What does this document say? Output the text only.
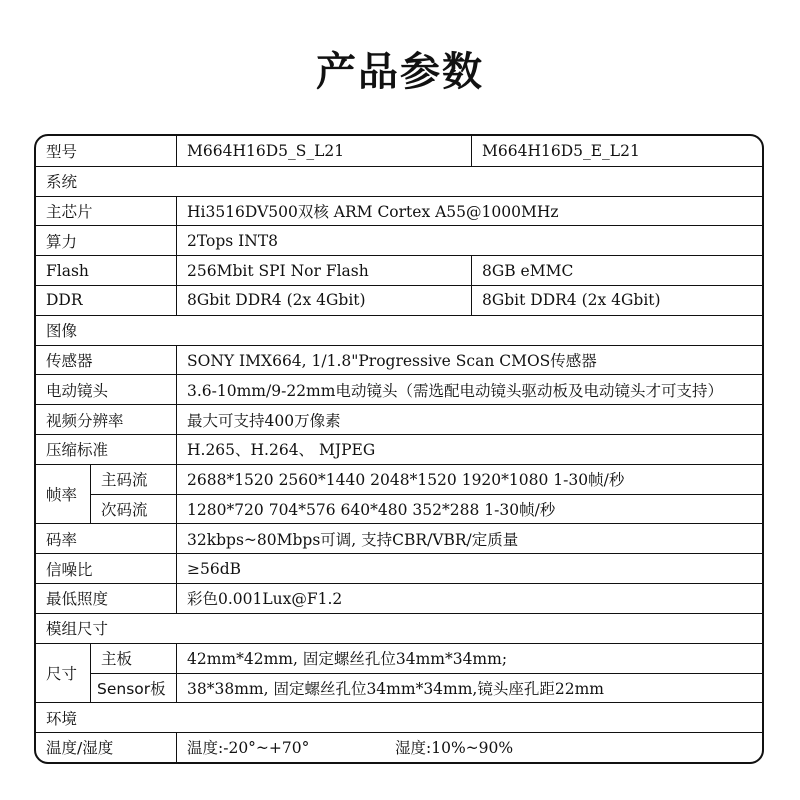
产品参数
型号	M664H16D5_S_L21	M664H16D5_E_L21
系统
主芯片	Hi3516DV500双核 ARM Cortex A55@1000MHz
算力	2Tops INT8
Flash	256Mbit SPI Nor Flash	8GB eMMC
DDR	8Gbit DDR4 (2x 4Gbit)	8Gbit DDR4 (2x 4Gbit)
图像
传感器	SONY IMX664, 1/1.8"Progressive Scan CMOS传感器
电动镜头	3.6-10mm/9-22mm电动镜头（需选配电动镜头驱动板及电动镜头才可支持）
视频分辨率	最大可支持400万像素
压缩标准	H.265、H.264、 MJPEG
帧率
主码流	2688*1520 2560*1440 2048*1520 1920*1080 1-30帧/秒
次码流	1280*720 704*576 640*480 352*288 1-30帧/秒
码率	32kbps~80Mbps可调, 支持CBR/VBR/定质量
信噪比	≥56dB
最低照度	彩色0.001Lux@F1.2
模组尺寸
尺寸
主板	42mm*42mm, 固定螺丝孔位34mm*34mm;
Sensor板	38*38mm, 固定螺丝孔位34mm*34mm,镜头座孔距22mm
环境
温度/湿度	温度:-20°~+70°	湿度:10%~90%
